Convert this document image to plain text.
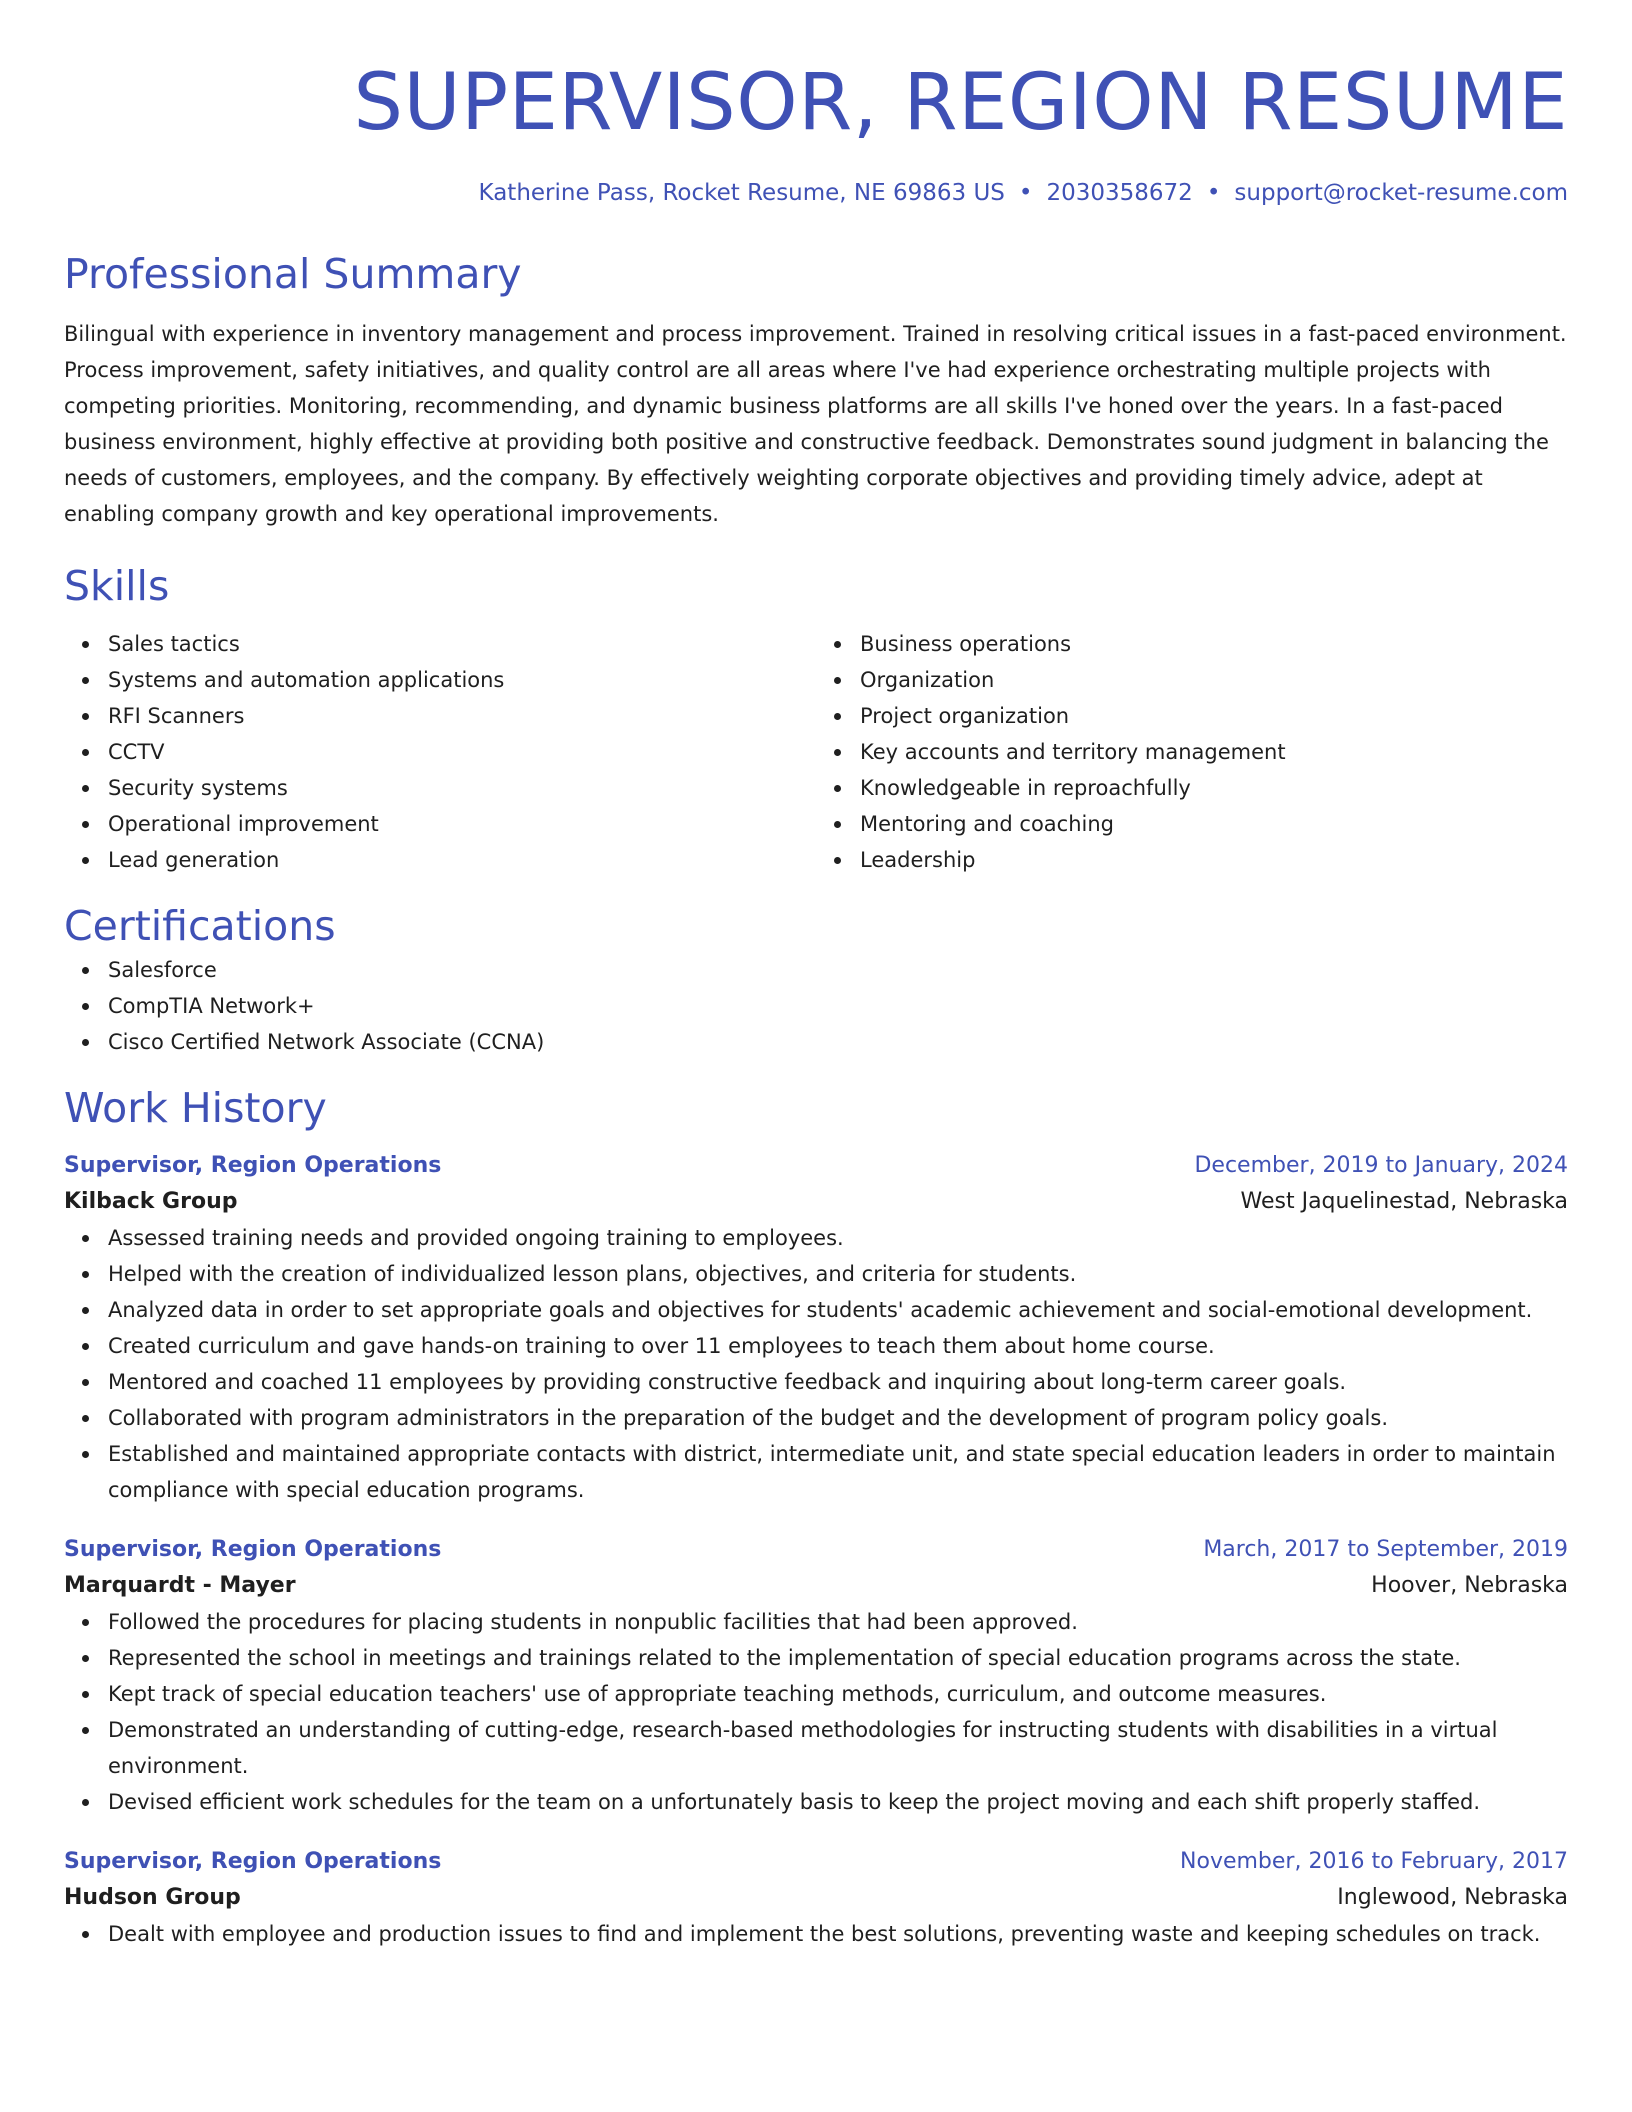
SUPERVISOR, REGION RESUME
Katherine Pass, Rocket Resume, NE 69863 US • 2030358672 • support@rocket-resume.com
Professional Summary

Bilingual with experience in inventory management and process improvement. Trained in resolving critical issues in a fast-paced environment. Process improvement, safety initiatives, and quality control are all areas where I've had experience orchestrating multiple projects with competing priorities. Monitoring, recommending, and dynamic business platforms are all skills I've honed over the years. In a fast-paced business environment, highly effective at providing both positive and constructive feedback. Demonstrates sound judgment in balancing the needs of customers, employees, and the company. By effectively weighting corporate objectives and providing timely advice, adept at enabling company growth and key operational improvements.

Skills
Sales tactics
Systems and automation applications
RFI Scanners
CCTV
Security systems
Operational improvement
Lead generation
Business operations
Organization
Project organization
Key accounts and territory management
Knowledgeable in reproachfully
Mentoring and coaching
Leadership
Certifications
Salesforce
CompTIA Network+
Cisco Certified Network Associate (CCNA)
Work History
Supervisor, Region Operations	December, 2019 to January, 2024
Kilback Group	West Jaquelinestad, Nebraska
Assessed training needs and provided ongoing training to employees.
Helped with the creation of individualized lesson plans, objectives, and criteria for students.
Analyzed data in order to set appropriate goals and objectives for students' academic achievement and social-emotional development.
Created curriculum and gave hands-on training to over 11 employees to teach them about home course.
Mentored and coached 11 employees by providing constructive feedback and inquiring about long-term career goals.
Collaborated with program administrators in the preparation of the budget and the development of program policy goals.
Established and maintained appropriate contacts with district, intermediate unit, and state special education leaders in order to maintain compliance with special education programs.
Supervisor, Region Operations	March, 2017 to September, 2019
Marquardt - Mayer	Hoover, Nebraska
Followed the procedures for placing students in nonpublic facilities that had been approved.
Represented the school in meetings and trainings related to the implementation of special education programs across the state.
Kept track of special education teachers' use of appropriate teaching methods, curriculum, and outcome measures.
Demonstrated an understanding of cutting-edge, research-based methodologies for instructing students with disabilities in a virtual environment.
Devised efficient work schedules for the team on a unfortunately basis to keep the project moving and each shift properly staffed.
Supervisor, Region Operations	November, 2016 to February, 2017
Hudson Group	Inglewood, Nebraska
Dealt with employee and production issues to find and implement the best solutions, preventing waste and keeping schedules on track.
